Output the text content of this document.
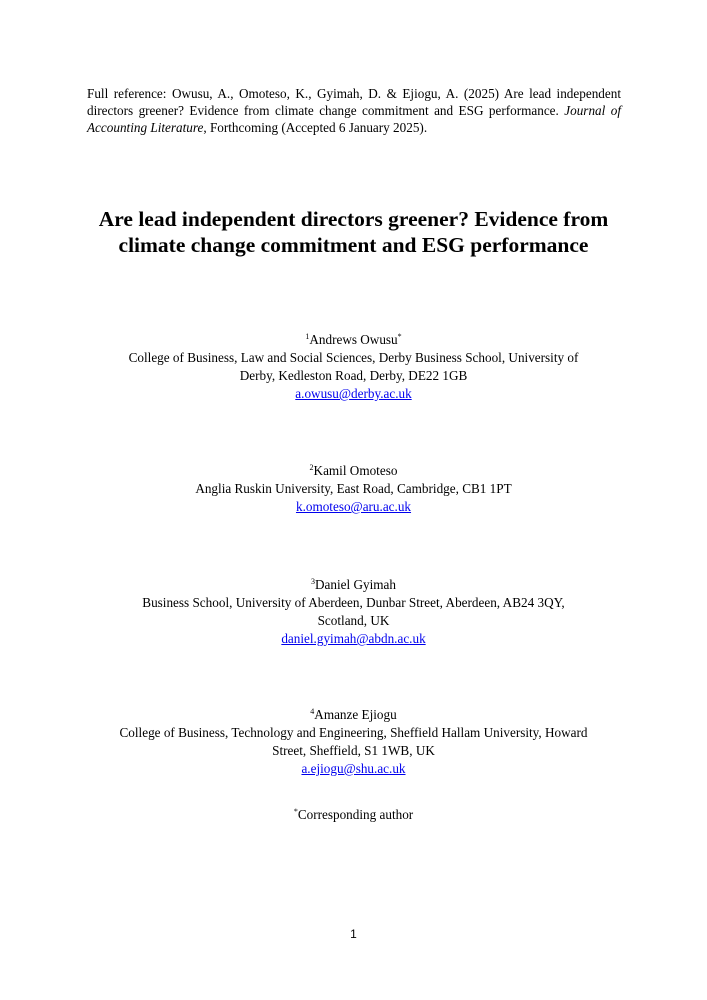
Full reference: Owusu, A., Omoteso, K., Gyimah, D. & Ejiogu, A. (2025) Are lead independent directors greener? Evidence from climate change commitment and ESG performance. Journal of Accounting Literature, Forthcoming (Accepted 6 January 2025).
Are lead independent directors greener? Evidence from
climate change commitment and ESG performance
$^1$Andrews Owusu*
College of Business, Law and Social Sciences, Derby Business School, University of
Derby, Kedleston Road, Derby, DE22 1GB
a.owusu@derby.ac.uk
$^2$Kamil Omoteso
Anglia Ruskin University, East Road, Cambridge, CB1 1PT
k.omoteso@aru.ac.uk
$^3$Daniel Gyimah
Business School, University of Aberdeen, Dunbar Street, Aberdeen, AB24 3QY,
Scotland, UK
daniel.gyimah@abdn.ac.uk
$^4$Amanze Ejiogu
College of Business, Technology and Engineering, Sheffield Hallam University, Howard
Street, Sheffield, S1 1WB, UK
a.ejiogu@shu.ac.uk
*Corresponding author
1
